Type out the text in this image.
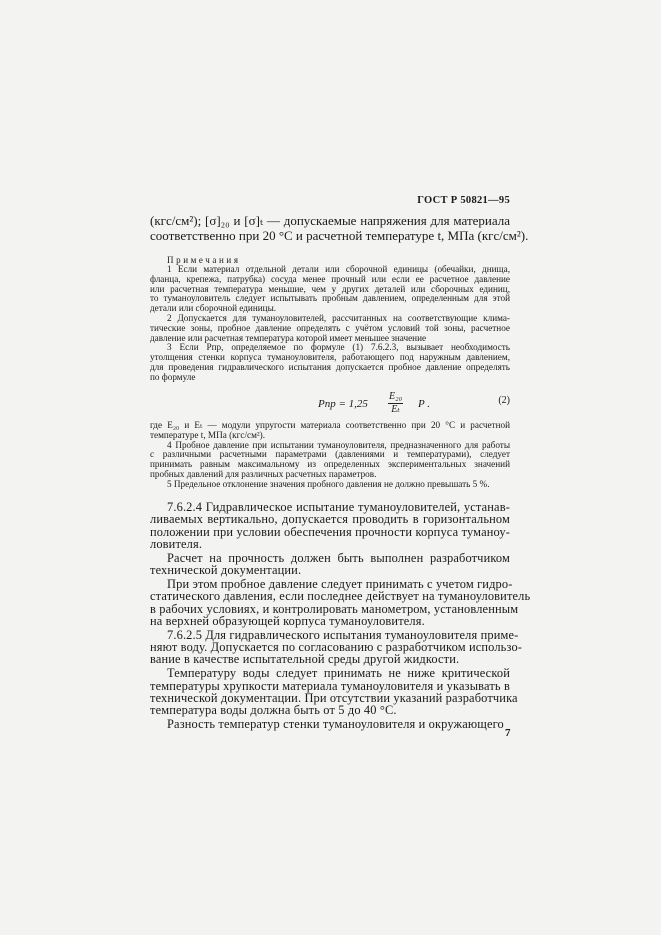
ГОСТ Р 50821—95
(кгс/см²); [σ]₂₀ и [σ]ₜ — допускаемые напряжения для материала
соответственно при 20 °С и расчетной температуре t, МПа (кгс/см²).
Примечания
1 Если материал отдельной детали или сборочной единицы (обечайки, днища,
фланца, крепежа, патрубка) сосуда менее прочный или если ее расчетное давление
или расчетная температура меньшие, чем у других деталей или сборочных единиц,
то туманоуловитель следует испытывать пробным давлением, определенным для этой
детали или сборочной единицы.
2 Допускается для туманоуловителей, рассчитанных на соответствующие клима-
тические зоны, пробное давление определять с учётом условий той зоны, расчетное
давление или расчетная температура которой имеет меньшее значение
3 Если Pпр, определяемое по формуле (1) 7.6.2.3, вызывает необходимость
утолщения стенки корпуса туманоуловителя, работающего под наружным давлением,
для проведения гидравлического испытания допускается пробное давление определять
по формуле
Pпр = $1,25 \frac{\text{E₂₀}}{\text{Eₜ}}$ P .	(2)
где E₂₀ и Eₜ — модули упругости материала соответственно при 20 °С и расчетной
температуре t, МПа (кгс/см²).
4 Пробное давление при испытании туманоуловителя, предназначенного для работы
с различными расчетными параметрами (давлениями и температурами), следует
принимать равным максимальному из определенных экспериментальных значений
пробных давлений для различных расчетных параметров.
5 Предельное отклонение значения пробного давления не должно превышать 5 %.
7.6.2.4 Гидравлическое испытание туманоуловителей, устанав-
ливаемых вертикально, допускается проводить в горизонтальном
положении при условии обеспечения прочности корпуса туманоу-
ловителя.
Расчет на прочность должен быть выполнен разработчиком
технической документации.
При этом пробное давление следует принимать с учетом гидро-
статического давления, если последнее действует на туманоуловитель
в рабочих условиях, и контролировать манометром, установленным
на верхней образующей корпуса туманоуловителя.
7.6.2.5 Для гидравлического испытания туманоуловителя приме-
няют воду. Допускается по согласованию с разработчиком использо-
вание в качестве испытательной среды другой жидкости.
Температуру воды следует принимать не ниже критической
температуры хрупкости материала туманоуловителя и указывать в
технической документации. При отсутствии указаний разработчика
температура воды должна быть от 5 до 40 °С.
Разность температур стенки туманоуловителя и окружающего
7
